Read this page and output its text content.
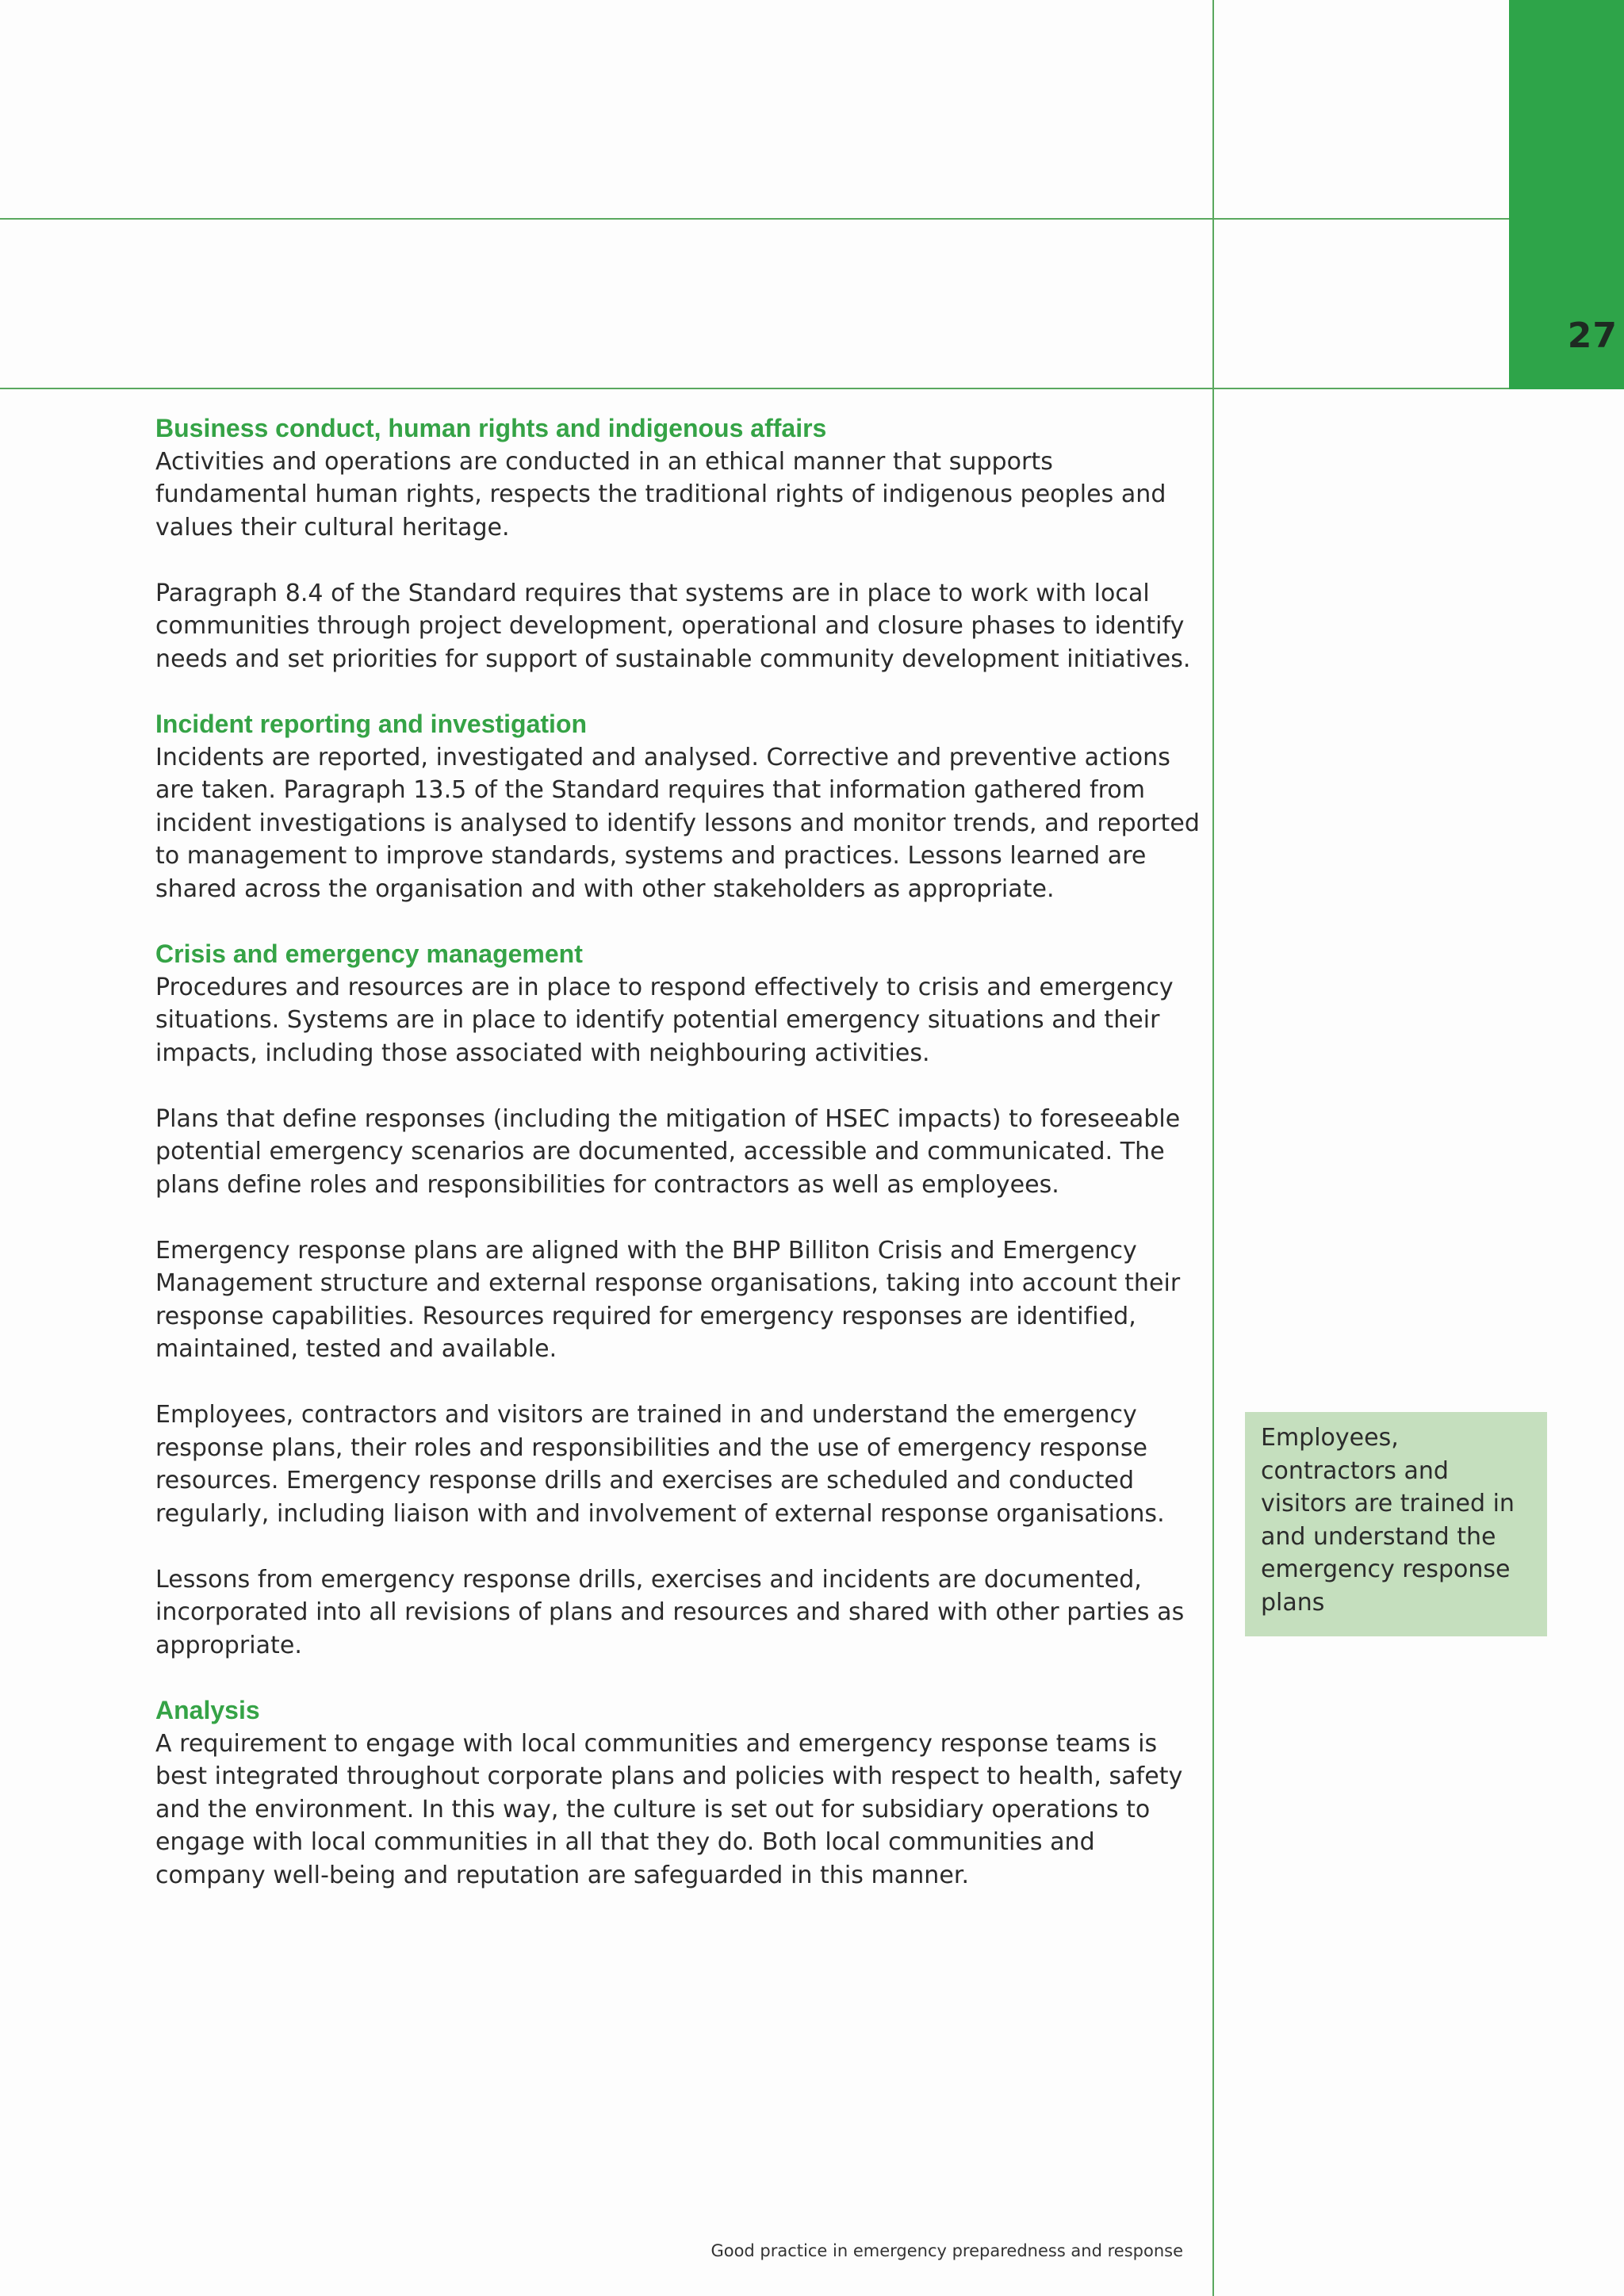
27

Business conduct, human rights and indigenous affairs

Activities and operations are conducted in an ethical manner that supports fundamental human rights, respects the traditional rights of indigenous peoples and values their cultural heritage.

Paragraph 8.4 of the Standard requires that systems are in place to work with local communities through project development, operational and closure phases to identify needs and set priorities for support of sustainable community development initiatives.

Incident reporting and investigation

Incidents are reported, investigated and analysed. Corrective and preventive actions are taken. Paragraph 13.5 of the Standard requires that information gathered from incident investigations is analysed to identify lessons and monitor trends, and reported to management to improve standards, systems and practices. Lessons learned are shared across the organisation and with other stakeholders as appropriate.

Crisis and emergency management

Procedures and resources are in place to respond effectively to crisis and emergency situations. Systems are in place to identify potential emergency situations and their impacts, including those associated with neighbouring activities.

Plans that define responses (including the mitigation of HSEC impacts) to foreseeable potential emergency scenarios are documented, accessible and communicated. The plans define roles and responsibilities for contractors as well as employees.

Emergency response plans are aligned with the BHP Billiton Crisis and Emergency Management structure and external response organisations, taking into account their response capabilities. Resources required for emergency responses are identified, maintained, tested and available.

Employees, contractors and visitors are trained in and understand the emergency response plans, their roles and responsibilities and the use of emergency response resources. Emergency response drills and exercises are scheduled and conducted regularly, including liaison with and involvement of external response organisations.

Lessons from emergency response drills, exercises and incidents are documented, incorporated into all revisions of plans and resources and shared with other parties as appropriate.

Analysis

A requirement to engage with local communities and emergency response teams is best integrated throughout corporate plans and policies with respect to health, safety and the environment. In this way, the culture is set out for subsidiary operations to engage with local communities in all that they do. Both local communities and company well-being and reputation are safeguarded in this manner.

Employees, contractors and visitors are trained in and understand the emergency response plans

Good practice in emergency preparedness and response
